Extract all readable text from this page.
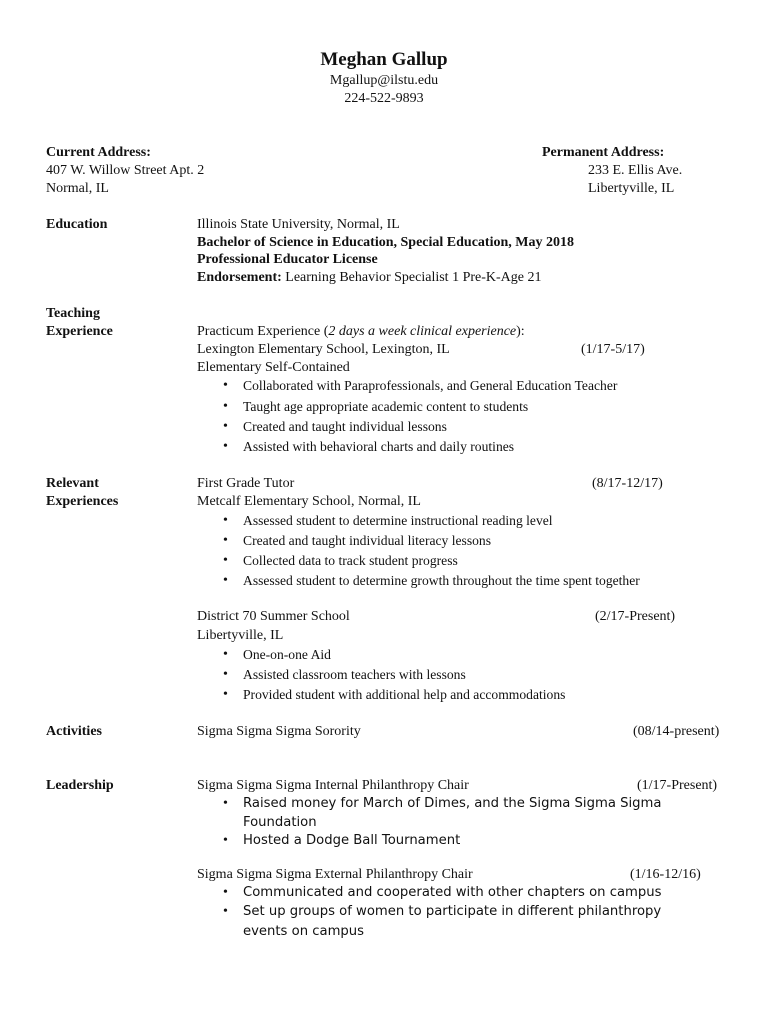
Meghan Gallup
Mgallup@ilstu.edu
224-522-9893
Current Address:
407 W. Willow Street Apt. 2
Normal, IL
Permanent Address:
233 E. Ellis Ave.
Libertyville, IL
Education	Illinois State University, Normal, IL
Bachelor of Science in Education, Special Education, May 2018
Professional Educator License
Endorsement: Learning Behavior Specialist 1 Pre-K-Age 21
Teaching
Experience	Practicum Experience (2 days a week clinical experience):
Lexington Elementary School, Lexington, IL	(1/17-5/17)
Elementary Self-Contained
• Collaborated with Paraprofessionals, and General Education Teacher
• Taught age appropriate academic content to students
• Created and taught individual lessons
• Assisted with behavioral charts and daily routines
Relevant
Experiences
First Grade Tutor	(8/17-12/17)
Metcalf Elementary School, Normal, IL
• Assessed student to determine instructional reading level
• Created and taught individual literacy lessons
• Collected data to track student progress
• Assessed student to determine growth throughout the time spent together
District 70 Summer School	(2/17-Present)
Libertyville, IL
• One-on-one Aid
• Assisted classroom teachers with lessons
• Provided student with additional help and accommodations
Activities	Sigma Sigma Sigma Sorority	(08/14-present)
Leadership	Sigma Sigma Sigma Internal Philanthropy Chair	(1/17-Present)
• Raised money for March of Dimes, and the Sigma Sigma Sigma
Foundation
• Hosted a Dodge Ball Tournament
Sigma Sigma Sigma External Philanthropy Chair	(1/16-12/16)
• Communicated and cooperated with other chapters on campus
• Set up groups of women to participate in different philanthropy
events on campus
